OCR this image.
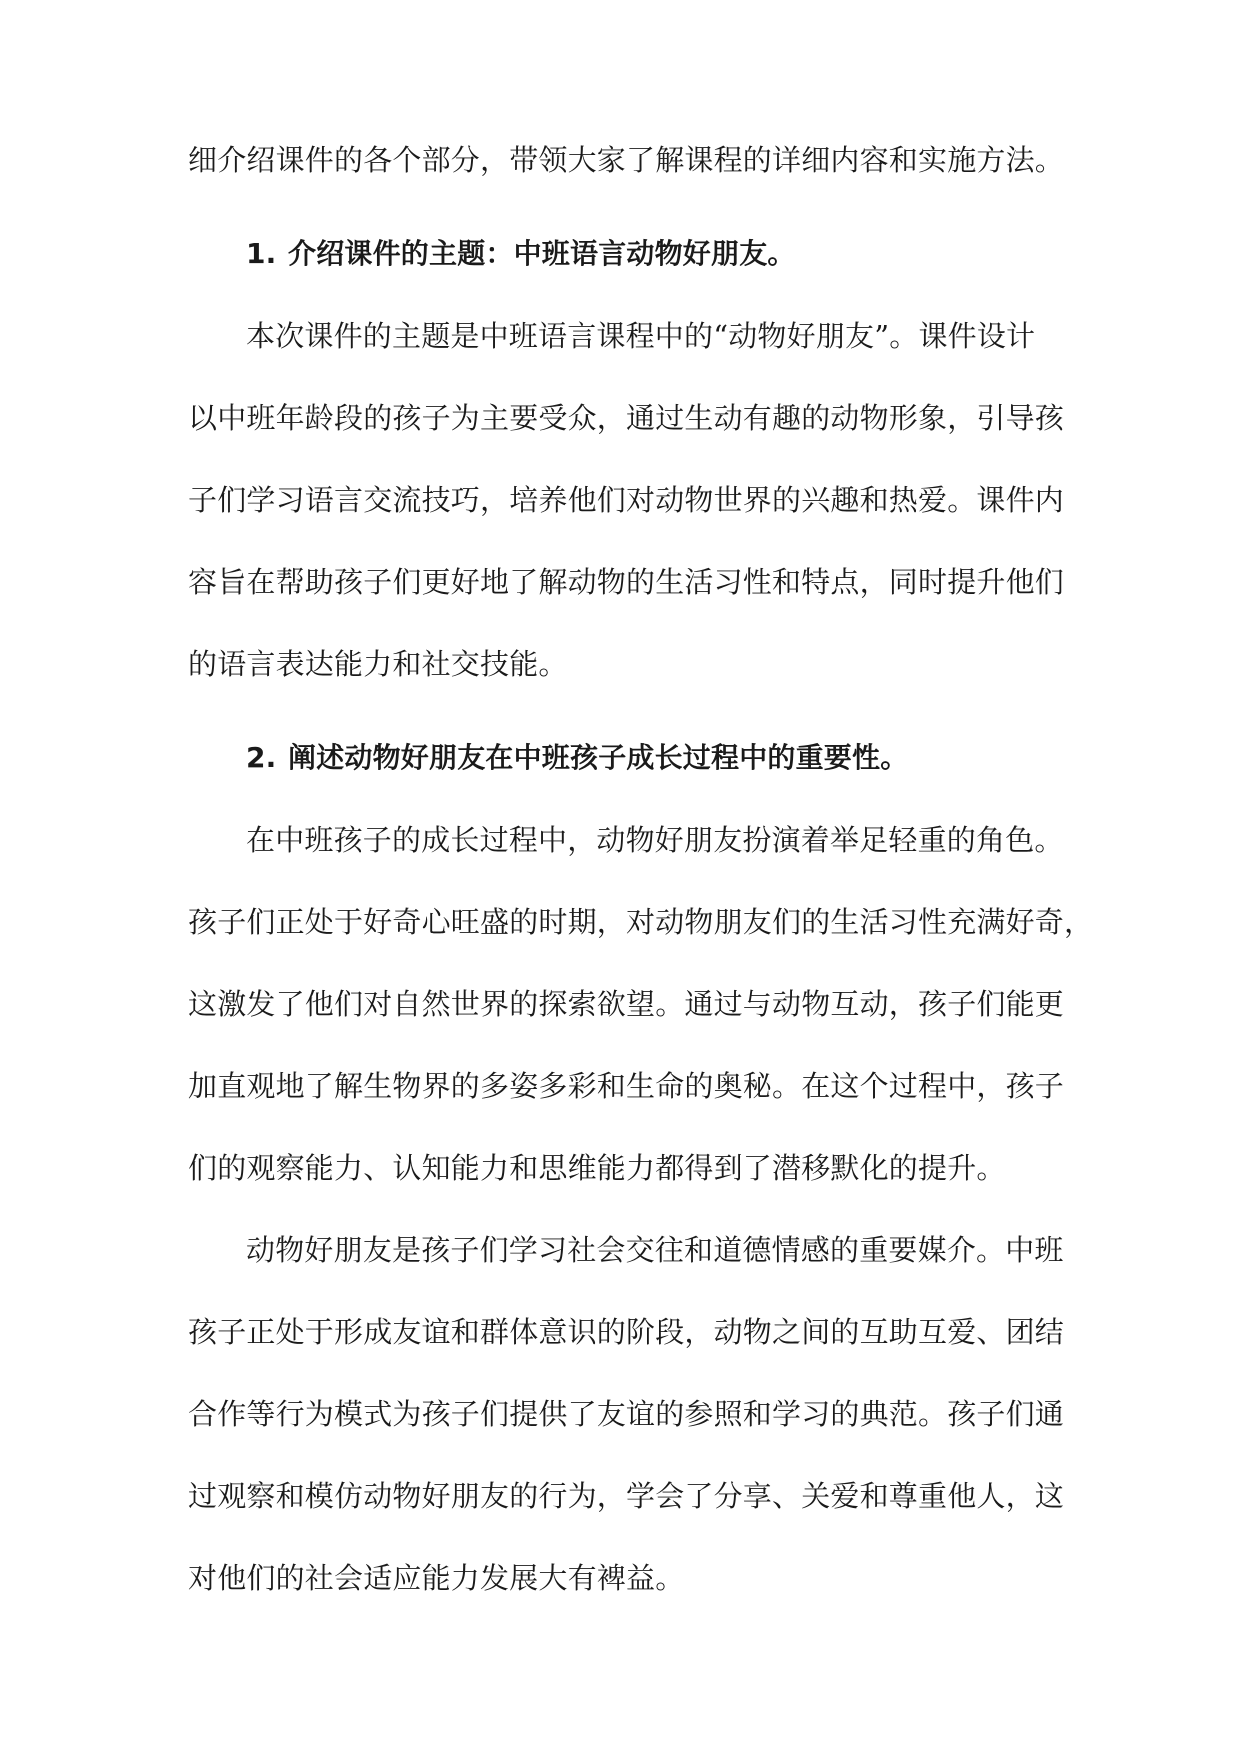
细介绍课件的各个部分，带领大家了解课程的详细内容和实施方法。
1. 介绍课件的主题：中班语言动物好朋友。
本次课件的主题是中班语言课程中的“动物好朋友”。课件设计
以中班年龄段的孩子为主要受众，通过生动有趣的动物形象，引导孩
子们学习语言交流技巧，培养他们对动物世界的兴趣和热爱。课件内
容旨在帮助孩子们更好地了解动物的生活习性和特点，同时提升他们
的语言表达能力和社交技能。
2. 阐述动物好朋友在中班孩子成长过程中的重要性。
在中班孩子的成长过程中，动物好朋友扮演着举足轻重的角色。
孩子们正处于好奇心旺盛的时期，对动物朋友们的生活习性充满好奇，
这激发了他们对自然世界的探索欲望。通过与动物互动，孩子们能更
加直观地了解生物界的多姿多彩和生命的奥秘。在这个过程中，孩子
们的观察能力、认知能力和思维能力都得到了潜移默化的提升。
动物好朋友是孩子们学习社会交往和道德情感的重要媒介。中班
孩子正处于形成友谊和群体意识的阶段，动物之间的互助互爱、团结
合作等行为模式为孩子们提供了友谊的参照和学习的典范。孩子们通
过观察和模仿动物好朋友的行为，学会了分享、关爱和尊重他人，这
对他们的社会适应能力发展大有裨益。
